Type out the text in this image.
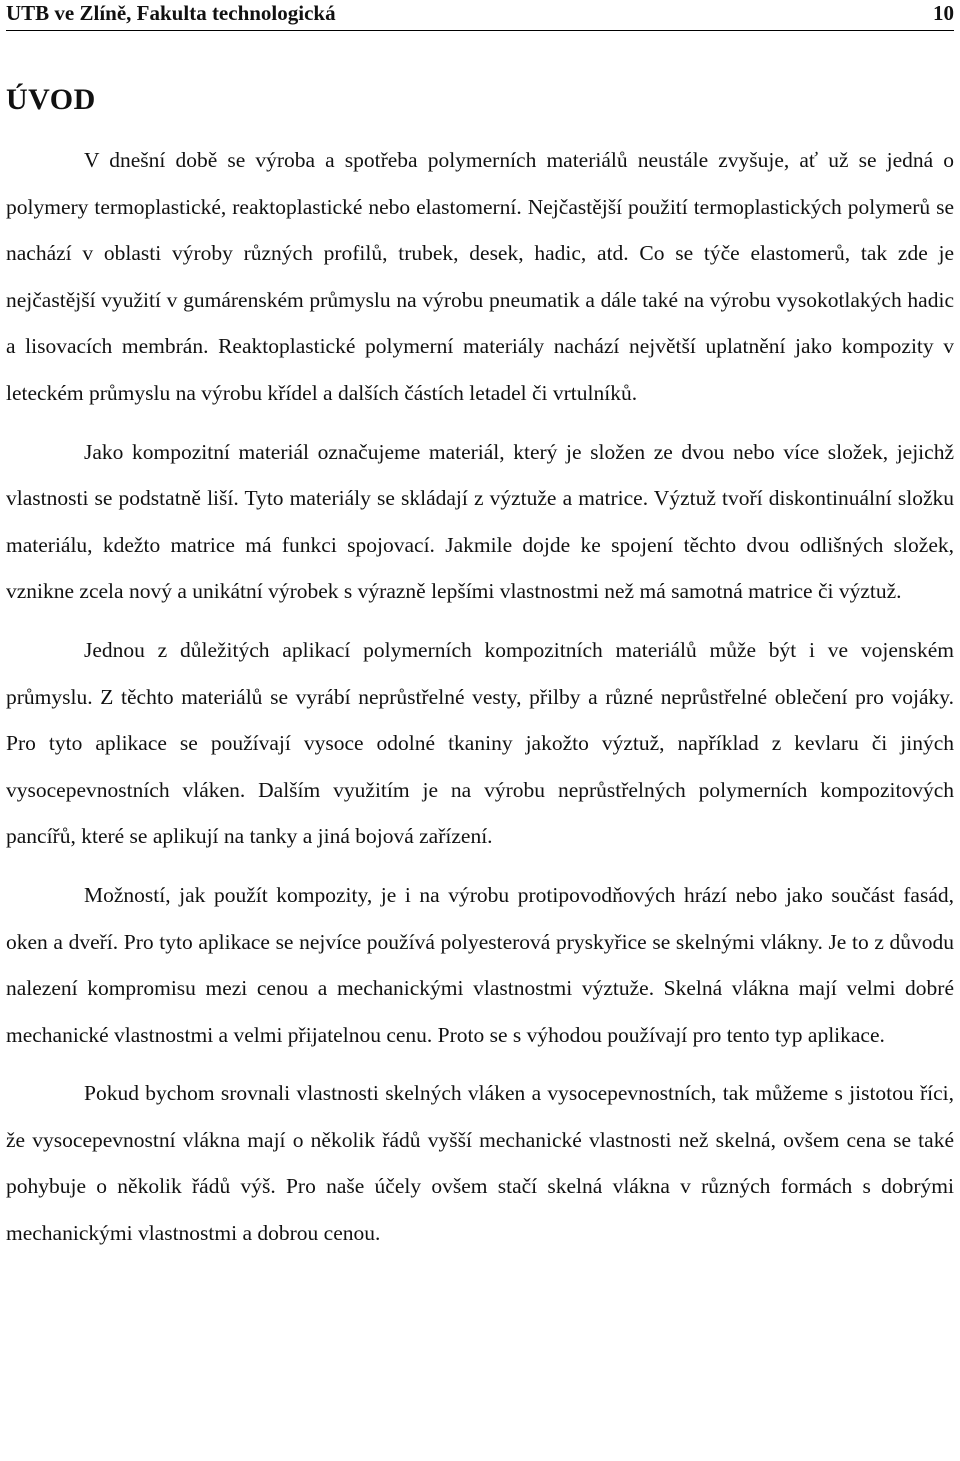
UTB ve Zlíně, Fakulta technologická	10
ÚVOD

V dnešní době se výroba a spotřeba polymerních materiálů neustále zvyšuje, ať už se jedná o polymery termoplastické, reaktoplastické nebo elastomerní. Nejčastější použití termoplastických polymerů se nachází v oblasti výroby různých profilů, trubek, desek, hadic, atd. Co se týče elastomerů, tak zde je nejčastější využití v gumárenském průmyslu na výrobu pneumatik a dále také na výrobu vysokotlakých hadic a lisovacích membrán. Reaktoplastické polymerní materiály nachází největší uplatnění jako kompozity v leteckém průmyslu na výrobu křídel a dalších částích letadel či vrtulníků.

Jako kompozitní materiál označujeme materiál, který je složen ze dvou nebo více složek, jejichž vlastnosti se podstatně liší. Tyto materiály se skládají z výztuže a matrice. Výztuž tvoří diskontinuální složku materiálu, kdežto matrice má funkci spojovací. Jakmile dojde ke spojení těchto dvou odlišných složek, vznikne zcela nový a unikátní výrobek s výrazně lepšími vlastnostmi než má samotná matrice či výztuž.

Jednou z důležitých aplikací polymerních kompozitních materiálů může být i ve vojenském průmyslu. Z těchto materiálů se vyrábí neprůstřelné vesty, přilby a různé neprůstřelné oblečení pro vojáky. Pro tyto aplikace se používají vysoce odolné tkaniny jakožto výztuž, například z kevlaru či jiných vysocepevnostních vláken. Dalším využitím je na výrobu neprůstřelných polymerních kompozitových pancířů, které se aplikují na tanky a jiná bojová zařízení.

Možností, jak použít kompozity, je i na výrobu protipovodňových hrází nebo jako součást fasád, oken a dveří. Pro tyto aplikace se nejvíce používá polyesterová pryskyřice se skelnými vlákny. Je to z důvodu nalezení kompromisu mezi cenou a mechanickými vlastnostmi výztuže. Skelná vlákna mají velmi dobré mechanické vlastnostmi a velmi přijatelnou cenu. Proto se s výhodou používají pro tento typ aplikace.

Pokud bychom srovnali vlastnosti skelných vláken a vysocepevnostních, tak můžeme s jistotou říci, že vysocepevnostní vlákna mají o několik řádů vyšší mechanické vlastnosti než skelná, ovšem cena se také pohybuje o několik řádů výš. Pro naše účely ovšem stačí skelná vlákna v různých formách s dobrými mechanickými vlastnostmi a dobrou cenou.
